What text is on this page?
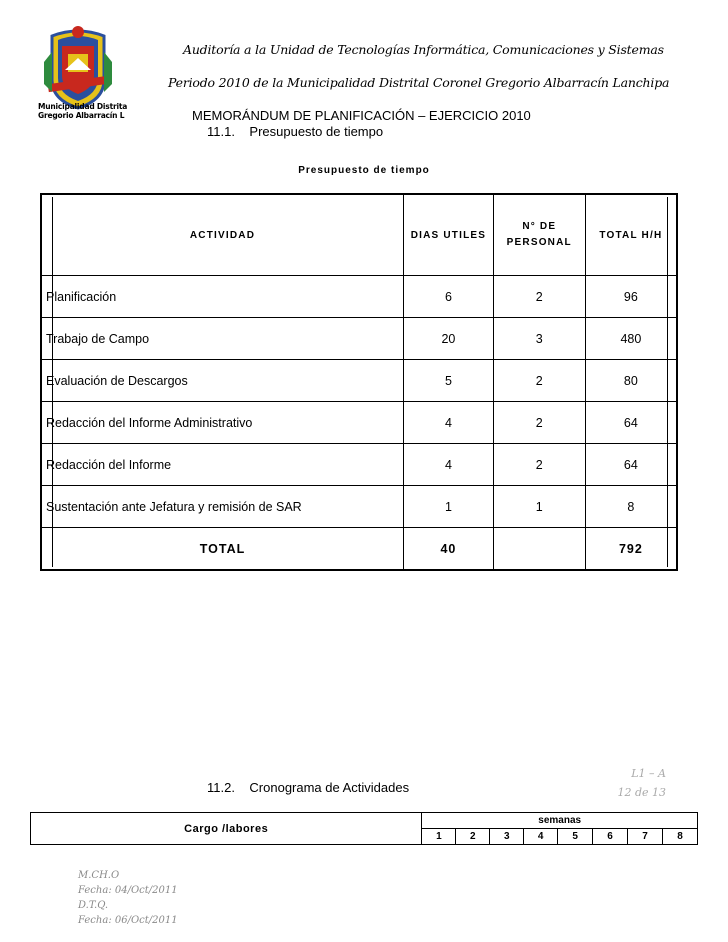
Municipalidad Distrita
Gregorio Albarracín L
Auditoría a la Unidad de Tecnologías Informática, Comunicaciones y Sistemas
Periodo 2010 de la Municipalidad Distrital Coronel Gregorio Albarracín Lanchipa
MEMORÁNDUM DE PLANIFICACIÓN – EJERCICIO 2010
11.1. Presupuesto de tiempo
Presupuesto de tiempo
ACTIVIDAD	DIAS UTILES	N° DE PERSONAL	TOTAL H/H
Planificación	6	2	96
Trabajo de Campo	20	3	480
Evaluación de Descargos	5	2	80
Redacción del Informe Administrativo	4	2	64
Redacción del Informe	4	2	64
Sustentación ante Jefatura y remisión de SAR	1	1	8
TOTAL	40		792
L1 – A
12 de 13
11.2. Cronograma de Actividades
Cargo /labores	semanas							
	1	2	3	4	5	6	7	8
M.CH.O
Fecha: 04/Oct/2011
D.T.Q.
Fecha: 06/Oct/2011
